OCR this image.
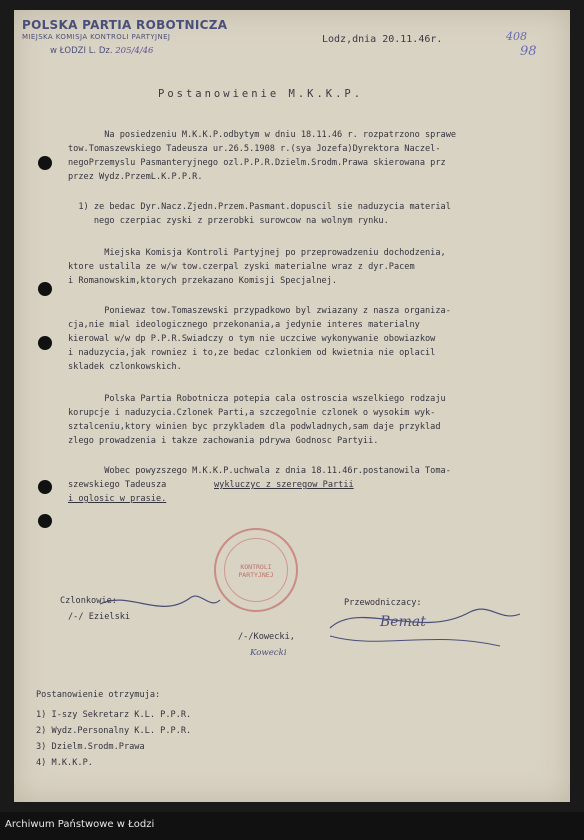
POLSKA PARTIA ROBOTNICZA
MIEJSKA KOMISJA KONTROLI PARTYJNEJ
w ŁODZI L. Dz. 205/4/46
408
98
Lodz,dnia 20.11.46r.
Postanowienie M.K.K.P.
Na posiedzeniu M.K.K.P.odbytym w dniu 18.11.46 r. rozpatrzono sprawe
tow.Tomaszewskiego Tadeusza ur.26.5.1908 r.(sya Jozefa)Dyrektora Naczel-
negoPrzemyslu Pasmanteryjnego ozl.P.P.R.Dzielm.Srodm.Prawa skierowana prz
przez Wydz.PrzemL.K.P.P.R.
1) ze bedac Dyr.Nacz.Zjedn.Przem.Pasmant.dopuscil sie naduzycia material
nego czerpiac zyski z przerobki surowcow na wolnym rynku.
Miejska Komisja Kontroli Partyjnej po przeprowadzeniu dochodzenia,
ktore ustalila ze w/w tow.czerpal zyski materialne wraz z dyr.Pacem
i Romanowskim,ktorych przekazano Komisji Specjalnej.
Poniewaz tow.Tomaszewski przypadkowo byl zwiazany z nasza organiza-
cja,nie mial ideologicznego przekonania,a jedynie interes materialny
kierowal w/w dp P.P.R.Swiadczy o tym nie uczciwe wykonywanie obowiazkow
i naduzycia,jak rowniez i to,ze bedac czlonkiem od kwietnia nie oplacil
skladek czlonkowskich.
Polska Partia Robotnicza potepia cala ostroscia wszelkiego rodzaju
korupcje i naduzycia.Czlonek Parti,a szczegolnie czlonek o wysokim wyk-
sztalceniu,ktory winien byc przykladem dla podwladnych,sam daje przyklad
zlego prowadzenia i takze zachowania pdrywa Godnosc Partyii.
Wobec powyzszego M.K.K.P.uchwala z dnia 18.11.46r.postanowila Toma-
szewskiego Tadeusza	wykluczyc z szeregow Partii
i oglosic w prasie.
KONTROLI
PARTYJNEJ
Czlonkowie:
/-/ Ezielski
/-/Kowecki,
Kowecki
Przewodniczacy:
Bemat
Postanowienie otrzymuja:
1) I-szy Sekretarz K.L. P.P.R.
2) Wydz.Personalny K.L. P.P.R.
3) Dzielm.Srodm.Prawa
4) M.K.K.P.
Archiwum Państwowe w Łodzi
